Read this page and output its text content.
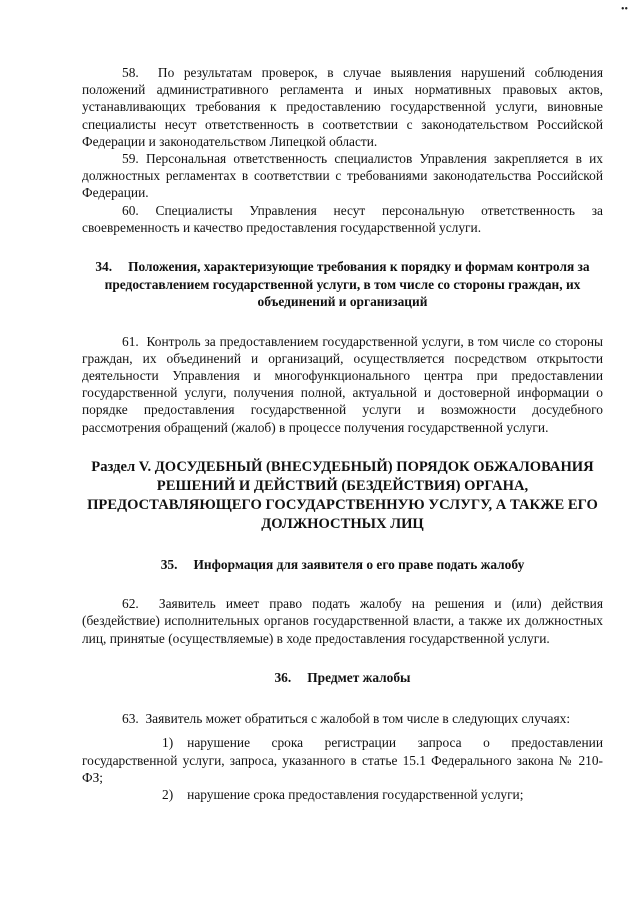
••

58. По результатам проверок, в случае выявления нарушений соблюдения положений административного регламента и иных нормативных правовых актов, устанавливающих требования к предоставлению государственной услуги, виновные специалисты несут ответственность в соответствии с законодательством Российской Федерации и законодательством Липецкой области.

59. Персональная ответственность специалистов Управления закрепляется в их должностных регламентах в соответствии с требованиями законодательства Российской Федерации.

60. Специалисты Управления несут персональную ответственность за своевременность и качество предоставления государственной услуги.

34. Положения, характеризующие требования к порядку и формам контроля за предоставлением государственной услуги, в том числе со стороны граждан, их объединений и организаций

61. Контроль за предоставлением государственной услуги, в том числе со стороны граждан, их объединений и организаций, осуществляется посредством открытости деятельности Управления и многофункционального центра при предоставлении государственной услуги, получения полной, актуальной и достоверной информации о порядке предоставления государственной услуги и возможности досудебного рассмотрения обращений (жалоб) в процессе получения государственной услуги.

Раздел V. ДОСУДЕБНЫЙ (ВНЕСУДЕБНЫЙ) ПОРЯДОК ОБЖАЛОВАНИЯ РЕШЕНИЙ И ДЕЙСТВИЙ (БЕЗДЕЙСТВИЯ) ОРГАНА, ПРЕДОСТАВЛЯЮЩЕГО ГОСУДАРСТВЕННУЮ УСЛУГУ, А ТАКЖЕ ЕГО ДОЛЖНОСТНЫХ ЛИЦ

35. Информация для заявителя о его праве подать жалобу

62. Заявитель имеет право подать жалобу на решения и (или) действия (бездействие) исполнительных органов государственной власти, а также их должностных лиц, принятые (осуществляемые) в ходе предоставления государственной услуги.

36. Предмет жалобы

63. Заявитель может обратиться с жалобой в том числе в следующих случаях:

1) нарушение срока регистрации запроса о предоставлении государственной услуги, запроса, указанного в статье 15.1 Федерального закона № 210-ФЗ;

2) нарушение срока предоставления государственной услуги;
